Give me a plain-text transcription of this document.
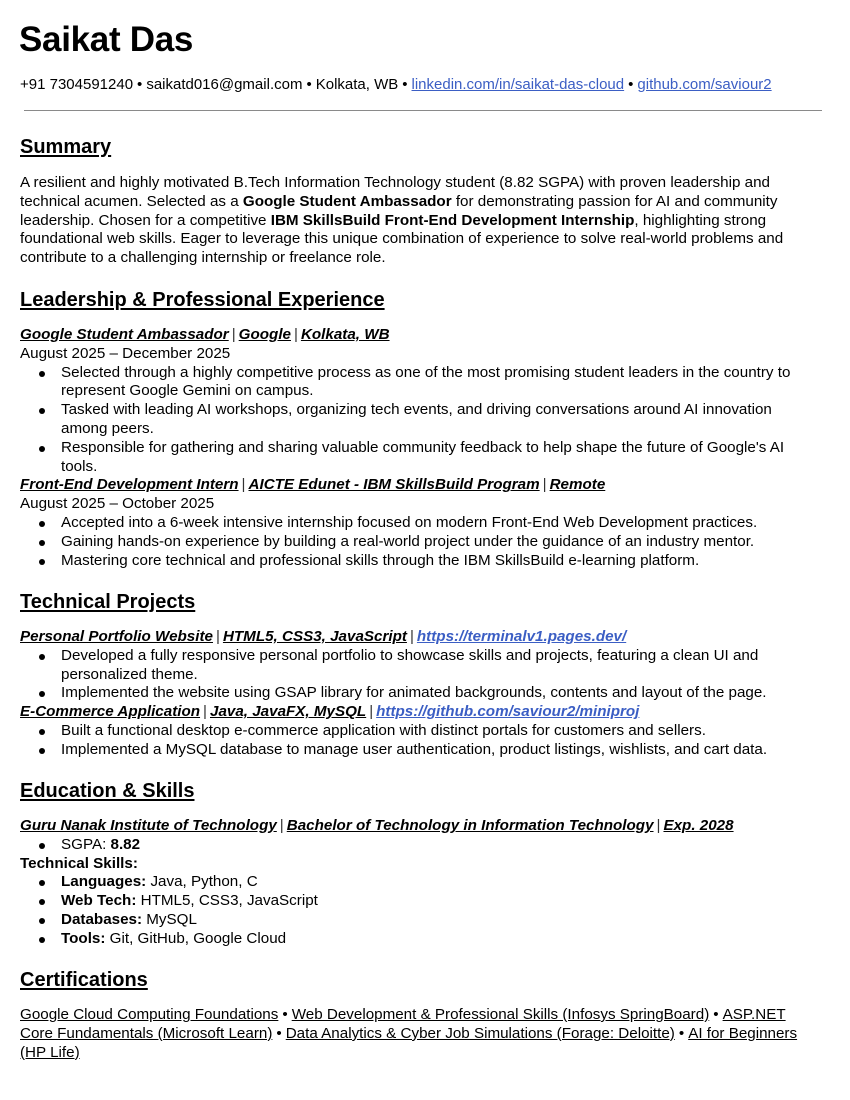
Saikat Das
+91 7304591240 • saikatd016@gmail.com • Kolkata, WB • linkedin.com/in/saikat-das-cloud • github.com/saviour2
Summary
A resilient and highly motivated B.Tech Information Technology student (8.82 SGPA) with proven leadership and technical acumen. Selected as a Google Student Ambassador for demonstrating passion for AI and community leadership. Chosen for a competitive IBM SkillsBuild Front-End Development Internship, highlighting strong foundational web skills. Eager to leverage this unique combination of experience to solve real-world problems and contribute to a challenging internship or freelance role.
Leadership & Professional Experience
Google Student Ambassador | Google | Kolkata, WB
August 2025 – December 2025
Selected through a highly competitive process as one of the most promising student leaders in the country to represent Google Gemini on campus.
Tasked with leading AI workshops, organizing tech events, and driving conversations around AI innovation among peers.
Responsible for gathering and sharing valuable community feedback to help shape the future of Google's AI tools.
Front-End Development Intern | AICTE Edunet - IBM SkillsBuild Program | Remote
August 2025 – October 2025
Accepted into a 6-week intensive internship focused on modern Front-End Web Development practices.
Gaining hands-on experience by building a real-world project under the guidance of an industry mentor.
Mastering core technical and professional skills through the IBM SkillsBuild e-learning platform.
Technical Projects
Personal Portfolio Website | HTML5, CSS3, JavaScript | https://terminalv1.pages.dev/
Developed a fully responsive personal portfolio to showcase skills and projects, featuring a clean UI and personalized theme.
Implemented the website using GSAP library for animated backgrounds, contents and layout of the page.
E-Commerce Application | Java, JavaFX, MySQL | https://github.com/saviour2/miniproj
Built a functional desktop e-commerce application with distinct portals for customers and sellers.
Implemented a MySQL database to manage user authentication, product listings, wishlists, and cart data.
Education & Skills
Guru Nanak Institute of Technology | Bachelor of Technology in Information Technology | Exp. 2028
SGPA: 8.82
Technical Skills:
Languages: Java, Python, C
Web Tech: HTML5, CSS3, JavaScript
Databases: MySQL
Tools: Git, GitHub, Google Cloud
Certifications
Google Cloud Computing Foundations • Web Development & Professional Skills (Infosys SpringBoard) • ASP.NET Core Fundamentals (Microsoft Learn) • Data Analytics & Cyber Job Simulations (Forage: Deloitte) • AI for Beginners (HP Life)
